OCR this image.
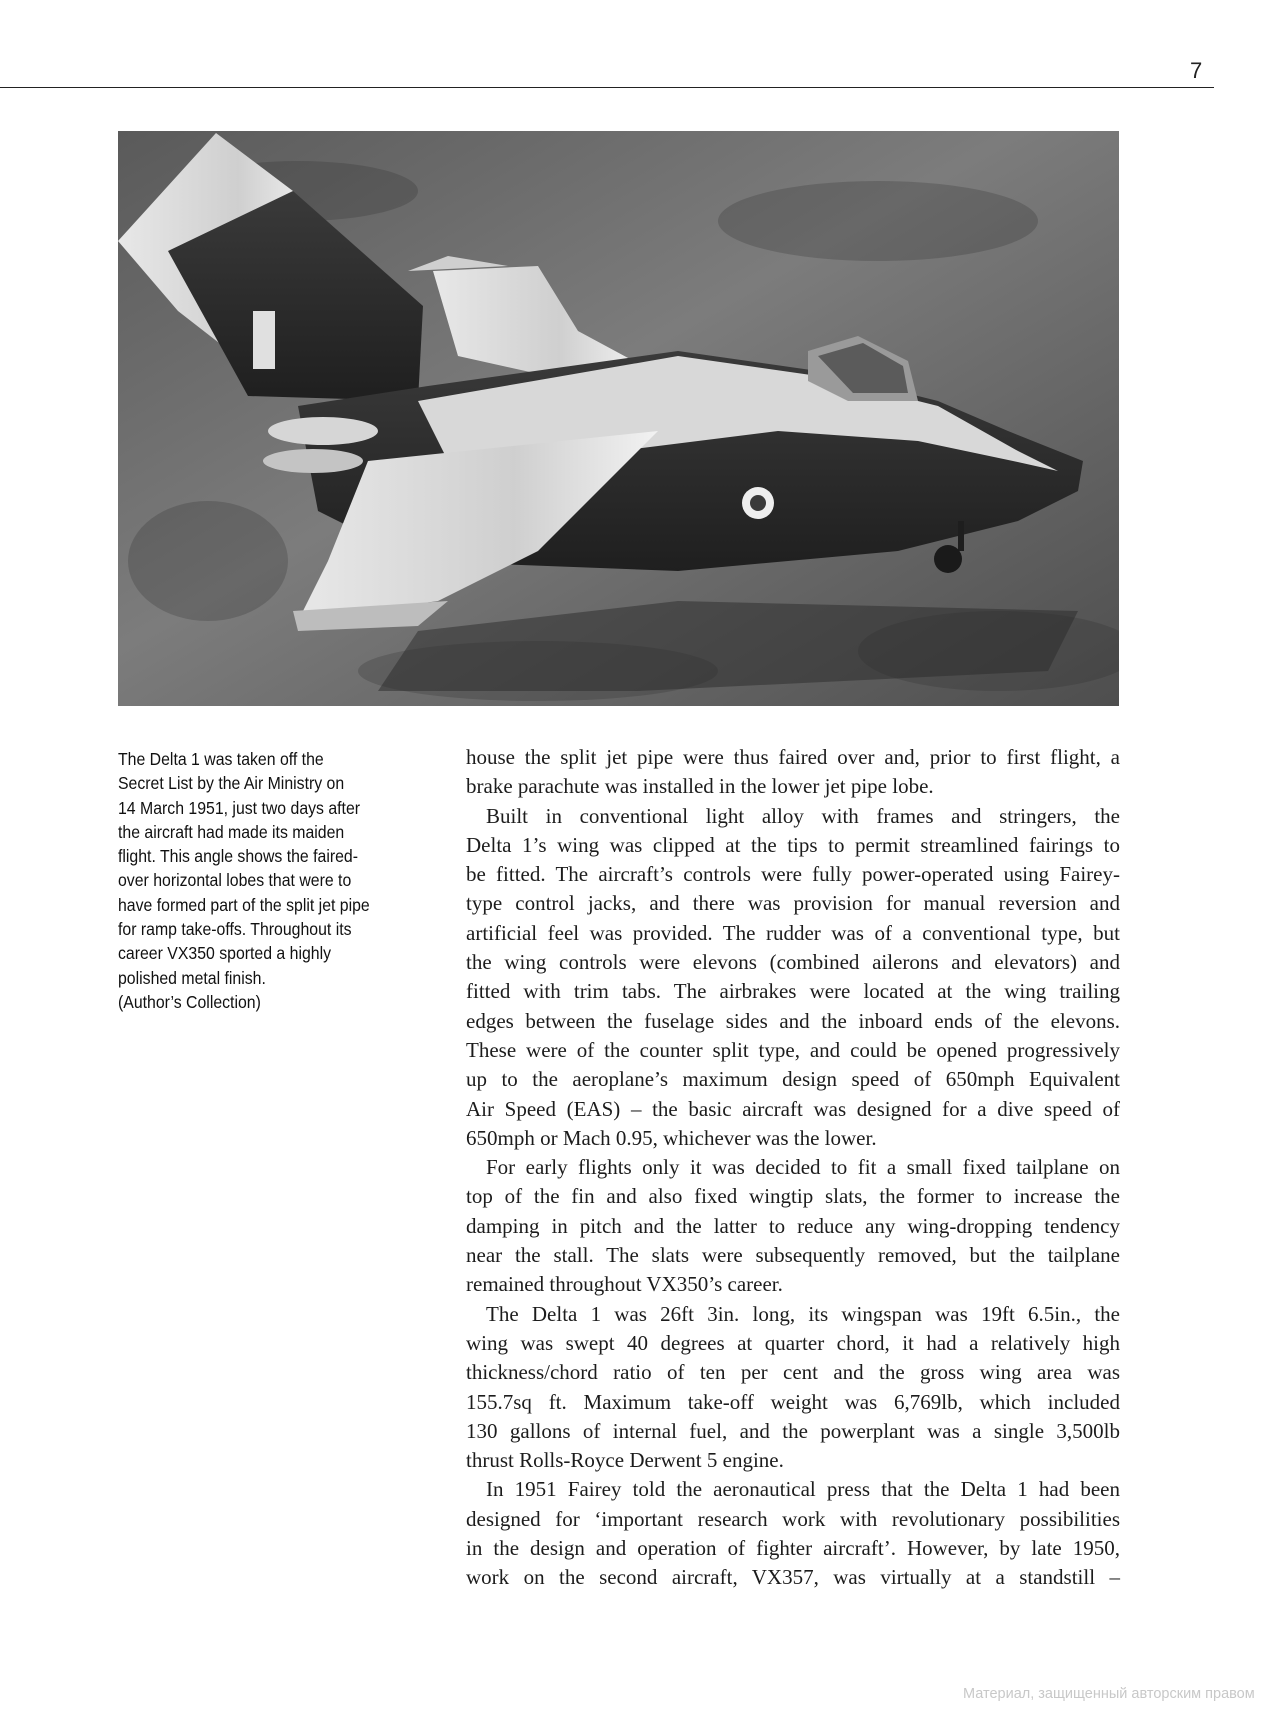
7
The Delta 1 was taken off the
Secret List by the Air Ministry on
14 March 1951, just two days after
the aircraft had made its maiden
flight. This angle shows the faired-
over horizontal lobes that were to
have formed part of the split jet pipe
for ramp take-offs. Throughout its
career VX350 sported a highly
polished metal finish.
(Author’s Collection)
house the split jet pipe were thus faired over and, prior to first flight, a
brake parachute was installed in the lower jet pipe lobe.
Built in conventional light alloy with frames and stringers, the
Delta 1’s wing was clipped at the tips to permit streamlined fairings to
be fitted. The aircraft’s controls were fully power-operated using Fairey-
type control jacks, and there was provision for manual reversion and
artificial feel was provided. The rudder was of a conventional type, but
the wing controls were elevons (combined ailerons and elevators) and
fitted with trim tabs. The airbrakes were located at the wing trailing
edges between the fuselage sides and the inboard ends of the elevons.
These were of the counter split type, and could be opened progressively
up to the aeroplane’s maximum design speed of 650mph Equivalent
Air Speed (EAS) – the basic aircraft was designed for a dive speed of
650mph or Mach 0.95, whichever was the lower.
For early flights only it was decided to fit a small fixed tailplane on
top of the fin and also fixed wingtip slats, the former to increase the
damping in pitch and the latter to reduce any wing-dropping tendency
near the stall. The slats were subsequently removed, but the tailplane
remained throughout VX350’s career.
The Delta 1 was 26ft 3in. long, its wingspan was 19ft 6.5in., the
wing was swept 40 degrees at quarter chord, it had a relatively high
thickness/chord ratio of ten per cent and the gross wing area was
155.7sq ft. Maximum take-off weight was 6,769lb, which included
130 gallons of internal fuel, and the powerplant was a single 3,500lb
thrust Rolls-Royce Derwent 5 engine.
In 1951 Fairey told the aeronautical press that the Delta 1 had been
designed for ‘important research work with revolutionary possibilities
in the design and operation of fighter aircraft’. However, by late 1950,
work on the second aircraft, VX357, was virtually at a standstill –
Материал, защищенный авторским правом
